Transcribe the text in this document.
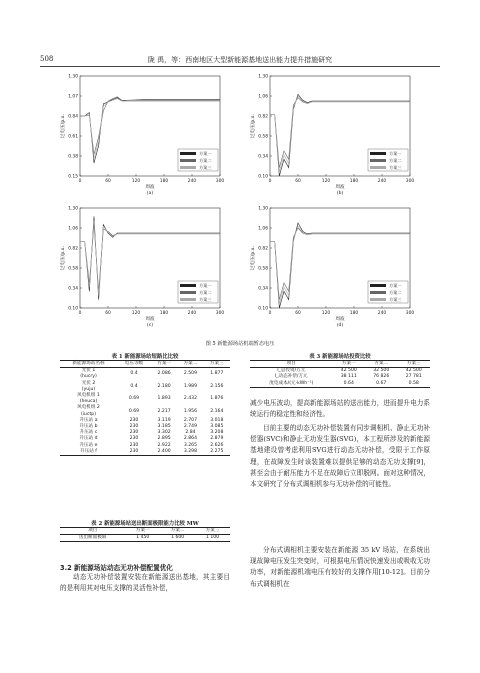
508	陇 禹，等：西南地区大型新能源基地送出能力提升措施研究
1.30
1.07
0.84
0.61
0.38
0.15
0	60	120	180	240	300
周波
过电压/p.u.
(a)
方案一
方案二
方案三
1.30
1.06
0.82
0.58
0.34
0.10
0	60	120	180	240	300
周波
过电压/p.u.
(b)
方案一
方案二
方案三
1.30
1.06
0.82
0.58
0.34
0.10
0	60	120	180	240	300
周波
过电压/p.u.
(c)
方案一
方案二
方案三
1.30
1.06
0.82
0.58
0.34
0.10
0	60	120	180	240	300
周波
过电压/p.u.
(d)
方案一
方案二
方案三
图 5 新能源场站机端暂态电压
表 1 新能源场站短路比比较
新能源场站名称	电压等级	方案一	方案二	方案三
光伏 1
(hucry)	0.4	2.086	2.509	1.877
光伏 2
(yuju)	0.4	2.180	1.989	2.156
风电机组 1
(heuca)	0.69	1.893	2.432	1.876
风电机组 2
(iuctp)	0.69	2.217	1.956	2.164
升压站 a	230	3.119	2.707	3.018
升压站 b	230	3.185	2.749	3.085
升压站 c	230	3.302	2.84	3.208
升压站 d	230	2.895	2.864	2.879
升压站 e	230	2.922	3.265	2.626
升压站 f	230	2.400	3.298	2.275
表 2 新能源场站送出断面极限能力比较 MW
项目	方案一	方案二	方案三
送出断面极限	1 450	1 600	1 100
表 3 新能源场站投资比较
项目	方案一	方案二	方案三
I_总投资/万元	42 500	32 500	42 500
I_动态补偿/万元	38 111	76 826	27 781
度电成本/(元·kWh⁻¹)	0.64	0.67	0.58
3.2 新能源场站动态无功补偿配置优化
动态无功补偿装置安装在新能源送出基地，其主要目的是利用其对电压支撑的灵活性补偿，
减少电压波动，提高新能源场站的送出能力，进而提升电力系统运行的稳定性和经济性。
目前主要的动态无功补偿装置有同步调相机、静止无功补偿器(SVC)和静止无功发生器(SVG)，本工程所涉及的新能源基地建设曾考虑利用SVG进行动态无功补偿，受限于工作原理，在故障发生时该装置难以提供足够的动态无功支撑[9]，甚至会由于耐压能力不足在故障后立即脱网。面对这种情况，本文研究了分布式调相机参与无功补偿的可能性。
分布式调相机主要安装在新能源 35 kV 场站，在系统出现故障电压发生突变时，可根据电压情况快速发出或吸收无功功率，对新能源机端电压有较好的支撑作用[10-12]。目前分布式调相机在
